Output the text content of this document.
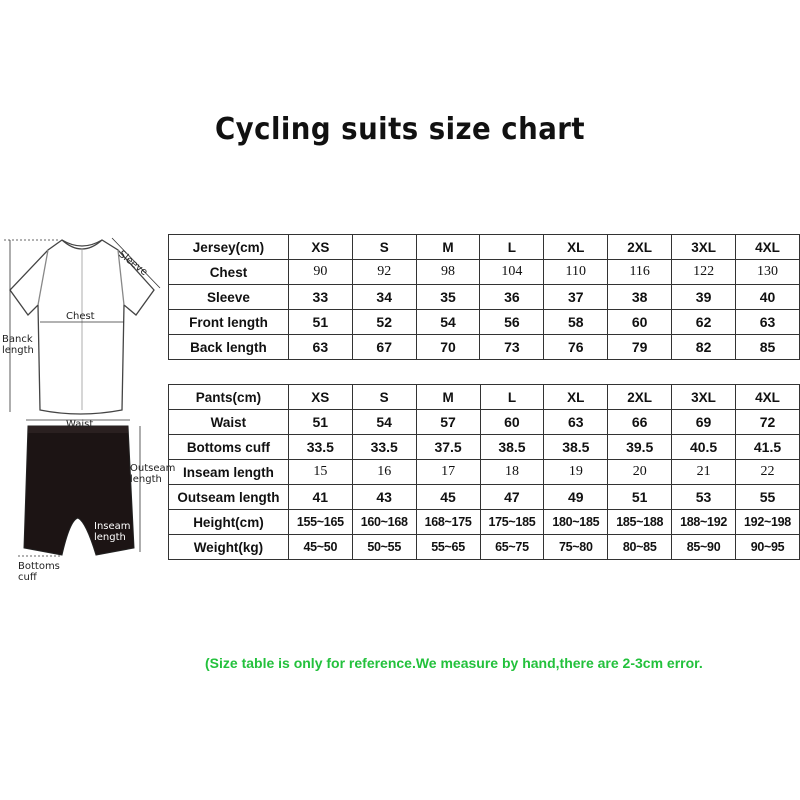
Cycling suits size chart
Sleeve
Chest
Banck
length
Waist
Outseam
length
Inseam
length
Bottoms
cuff
Jersey(cm)	XS	S	M	L	XL	2XL	3XL	4XL
Chest	90	92	98	104	110	116	122	130
Sleeve	33	34	35	36	37	38	39	40
Front length	51	52	54	56	58	60	62	63
Back length	63	67	70	73	76	79	82	85
Pants(cm)	XS	S	M	L	XL	2XL	3XL	4XL
Waist	51	54	57	60	63	66	69	72
Bottoms cuff	33.5	33.5	37.5	38.5	38.5	39.5	40.5	41.5
Inseam length	15	16	17	18	19	20	21	22
Outseam length	41	43	45	47	49	51	53	55
Height(cm)	155~165	160~168	168~175	175~185	180~185	185~188	188~192	192~198
Weight(kg)	45~50	50~55	55~65	65~75	75~80	80~85	85~90	90~95
(Size table is only for reference.We measure by hand,there are 2-3cm error.
